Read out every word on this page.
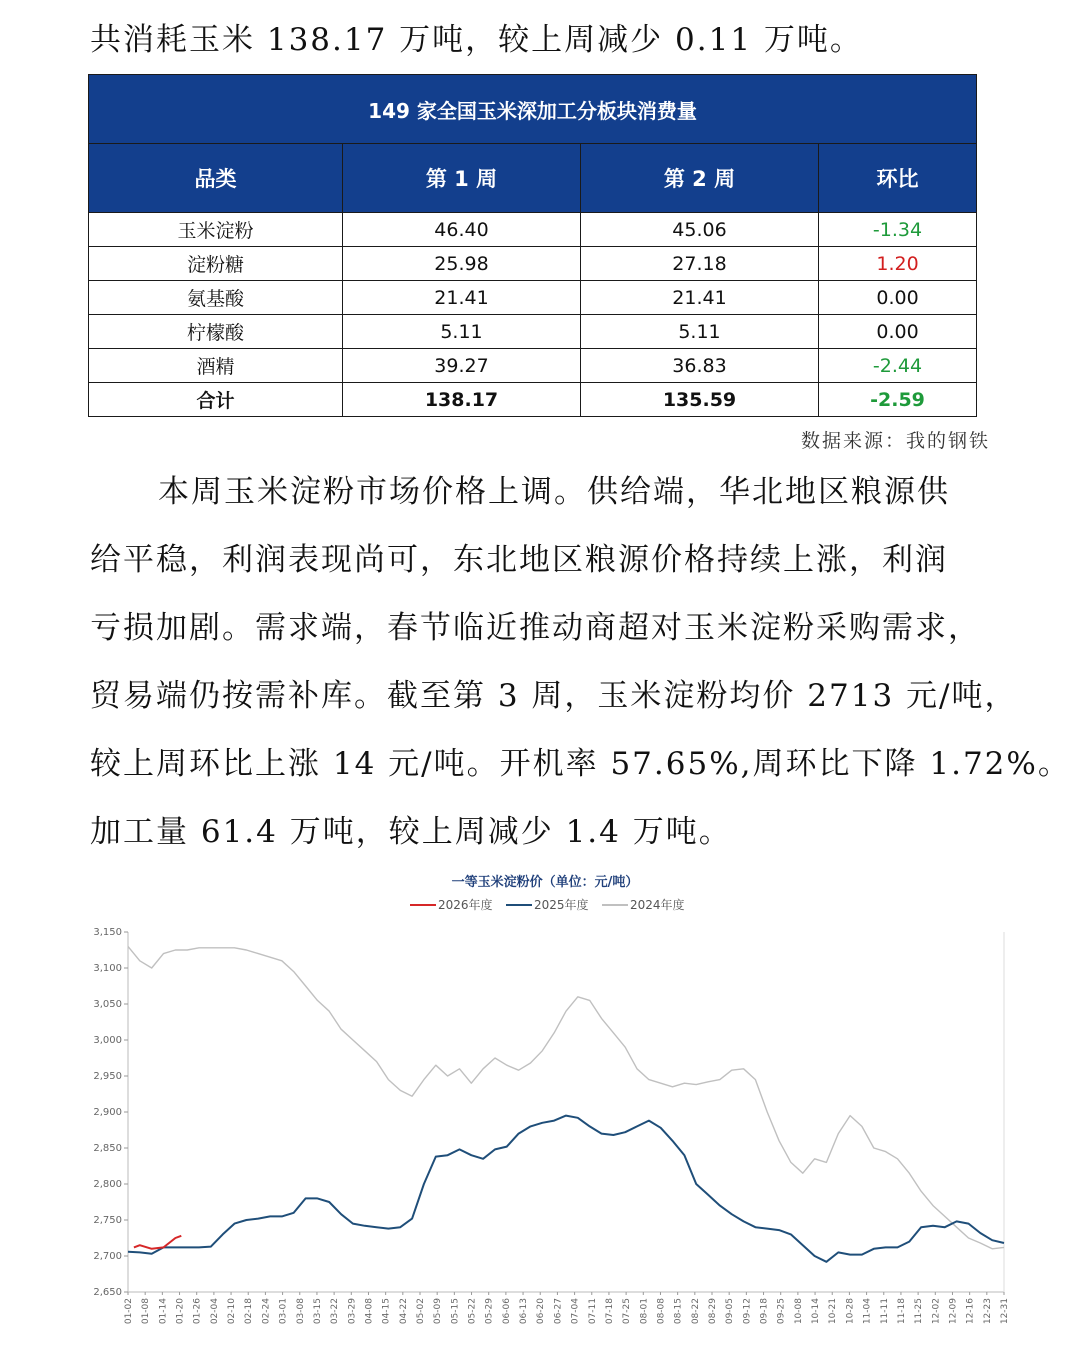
共消耗玉米 138.17 万吨，较上周减少 0.11 万吨。
149 家全国玉米深加工分板块消费量			
品类	第 1 周	第 2 周	环比
玉米淀粉	46.40	45.06	-1.34
淀粉糖	25.98	27.18	1.20
氨基酸	21.41	21.41	0.00
柠檬酸	5.11	5.11	0.00
酒精	39.27	36.83	-2.44
合计	138.17	135.59	-2.59
数据来源：我的钢铁

本周玉米淀粉市场价格上调。供给端，华北地区粮源供

给平稳，利润表现尚可，东北地区粮源价格持续上涨，利润

亏损加剧。需求端，春节临近推动商超对玉米淀粉采购需求，

贸易端仍按需补库。截至第 3 周，玉米淀粉均价 2713 元/吨，

较上周环比上涨 14 元/吨。开机率 57.65%,周环比下降 1.72%。

加工量 61.4 万吨，较上周减少 1.4 万吨。

一等玉米淀粉价（单位：元/吨）
2026年度	2025年度	2024年度
2,650
2,700
2,750
2,800
2,850
2,900
2,950
3,000
3,050
3,100
3,150
01-02 01-08 01-14 01-20 01-26 02-04 02-10 02-18 02-24 03-01 03-08 03-15 03-22 03-29 04-08 04-15 04-22 05-02 05-09 05-15 05-22 05-29 06-06 06-13 06-20 06-27 07-04 07-11 07-18 07-25 08-01 08-08 08-15 08-22 08-29 09-05 09-12 09-18 09-25 10-08 10-14 10-21 10-28 11-04 11-11 11-18 11-25 12-02 12-09 12-16 12-23 12-31
